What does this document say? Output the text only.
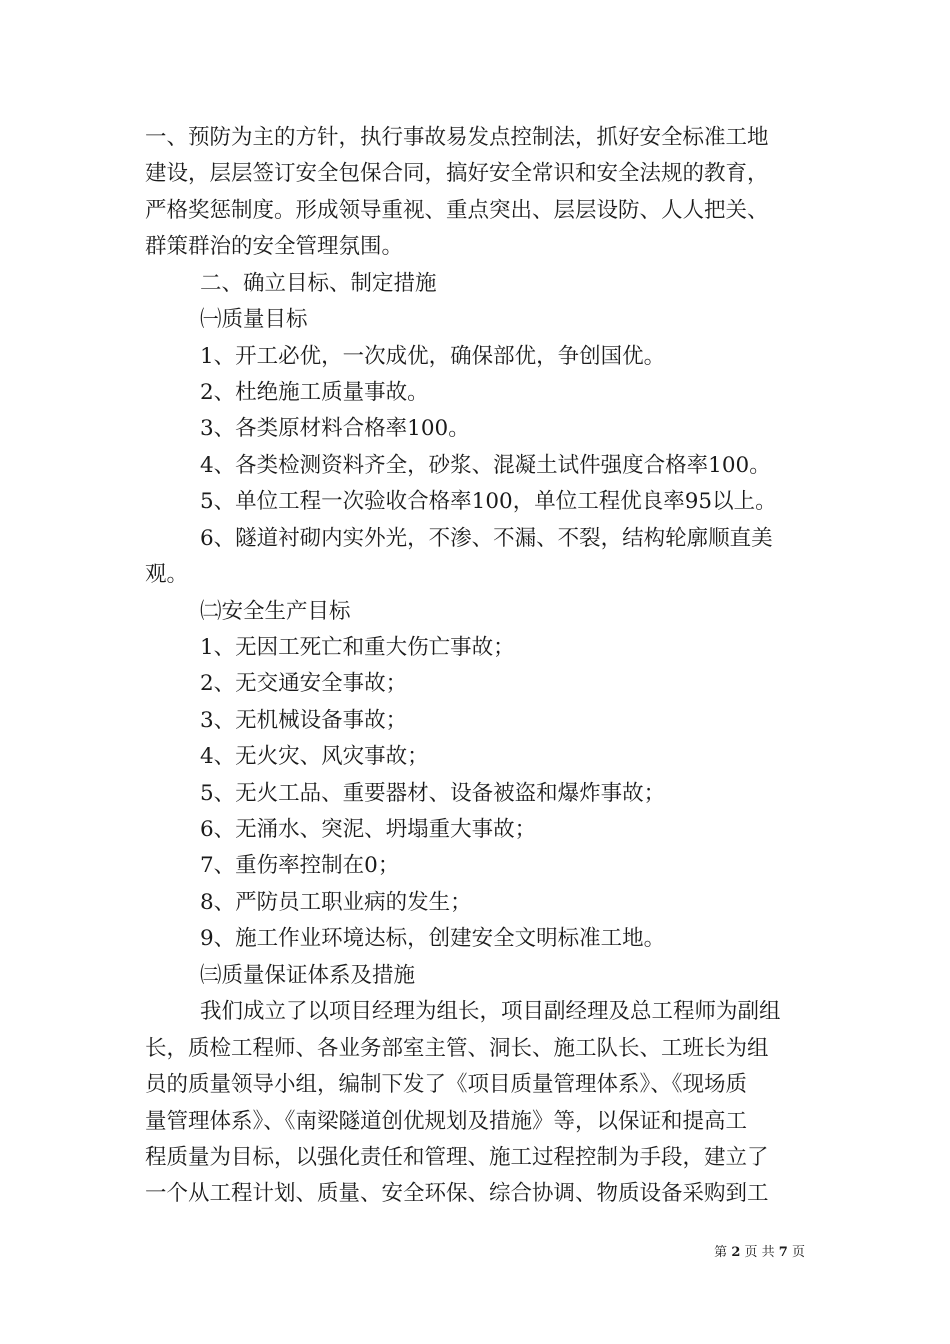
一、预防为主的方针，执行事故易发点控制法，抓好安全标准工地
建设，层层签订安全包保合同，搞好安全常识和安全法规的教育，
严格奖惩制度。形成领导重视、重点突出、层层设防、人人把关、
群策群治的安全管理氛围。
二、确立目标、制定措施
㈠质量目标
1、开工必优，一次成优，确保部优，争创国优。
2、杜绝施工质量事故。
3、各类原材料合格率100。
4、各类检测资料齐全，砂浆、混凝土试件强度合格率100。
5、单位工程一次验收合格率100，单位工程优良率95以上。
6、隧道衬砌内实外光，不渗、不漏、不裂，结构轮廓顺直美
观。
㈡安全生产目标
1、无因工死亡和重大伤亡事故；
2、无交通安全事故；
3、无机械设备事故；
4、无火灾、风灾事故；
5、无火工品、重要器材、设备被盗和爆炸事故；
6、无涌水、突泥、坍塌重大事故；
7、重伤率控制在0；
8、严防员工职业病的发生；
9、施工作业环境达标，创建安全文明标准工地。
㈢质量保证体系及措施
我们成立了以项目经理为组长，项目副经理及总工程师为副组
长，质检工程师、各业务部室主管、洞长、施工队长、工班长为组
员的质量领导小组，编制下发了《项目质量管理体系》、《现场质
量管理体系》、《南梁隧道创优规划及措施》等，以保证和提高工
程质量为目标，以强化责任和管理、施工过程控制为手段，建立了
一个从工程计划、质量、安全环保、综合协调、物质设备采购到工
第 2 页 共 7 页
